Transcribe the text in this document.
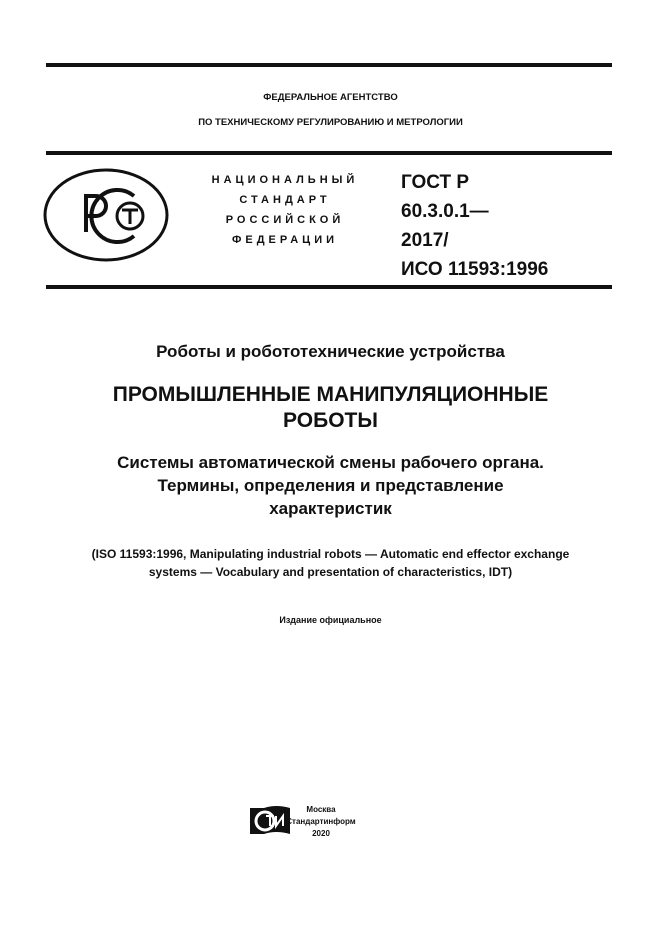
ФЕДЕРАЛЬНОЕ АГЕНТСТВО
ПО ТЕХНИЧЕСКОМУ РЕГУЛИРОВАНИЮ И МЕТРОЛОГИИ
НАЦИОНАЛЬНЫЙ
СТАНДАРТ
РОССИЙСКОЙ
ФЕДЕРАЦИИ
ГОСТ Р
60.3.0.1—
2017/
ИСО 11593:1996
Роботы и робототехнические устройства
ПРОМЫШЛЕННЫЕ МАНИПУЛЯЦИОННЫЕ
РОБОТЫ
Системы автоматической смены рабочего органа.
Термины, определения и представление
характеристик
(ISO 11593:1996, Manipulating industrial robots — Automatic end effector exchange
systems — Vocabulary and presentation of characteristics, IDT)
Издание официальное
Москва
Стандартинформ
2020
